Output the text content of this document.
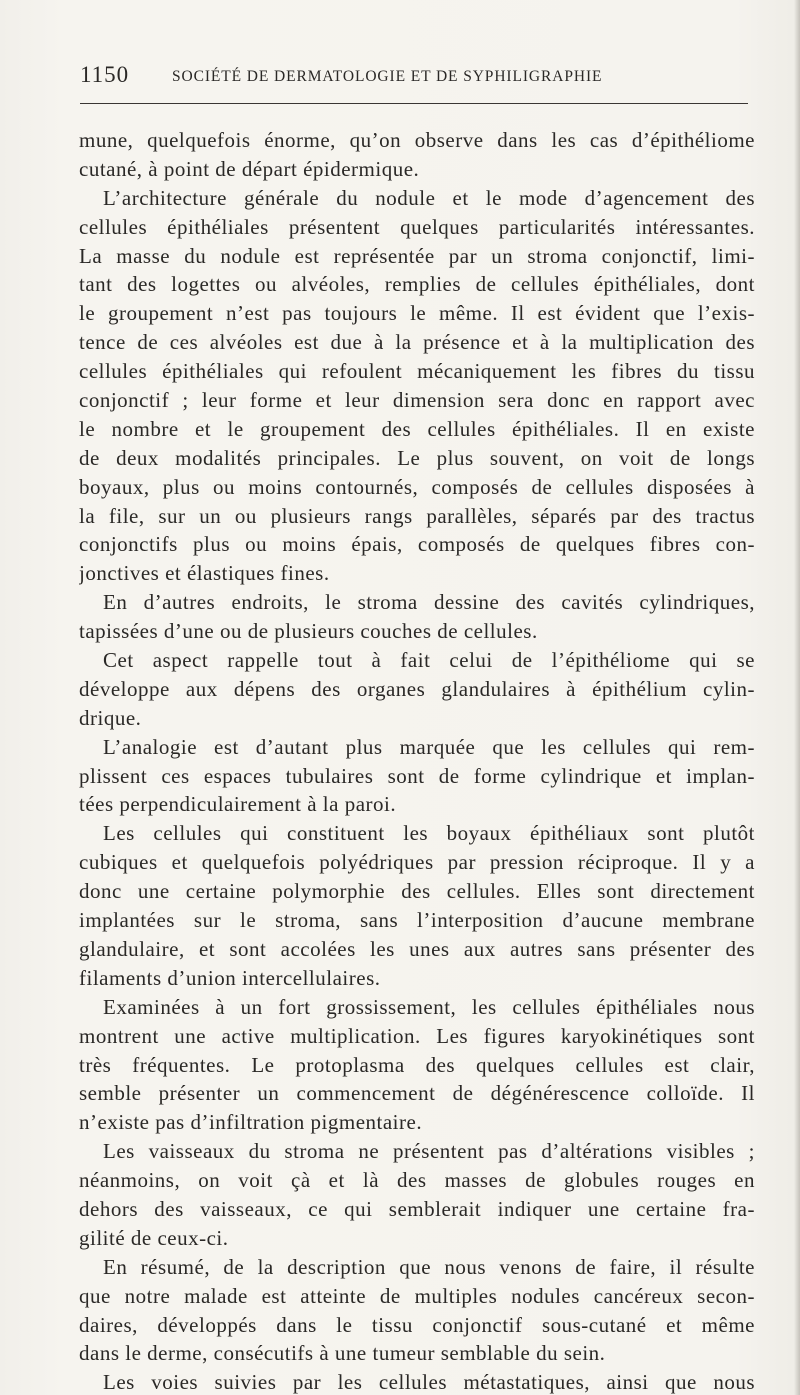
1150	SOCIÉTÉ DE DERMATOLOGIE ET DE SYPHILIGRAPHIE
mune, quelquefois énorme, qu’on observe dans les cas d’épithéliome
cutané, à point de départ épidermique.
L’architecture générale du nodule et le mode d’agencement des
cellules épithéliales présentent quelques particularités intéressantes.
La masse du nodule est représentée par un stroma conjonctif, limi-
tant des logettes ou alvéoles, remplies de cellules épithéliales, dont
le groupement n’est pas toujours le même. Il est évident que l’exis-
tence de ces alvéoles est due à la présence et à la multiplication des
cellules épithéliales qui refoulent mécaniquement les fibres du tissu
conjonctif ; leur forme et leur dimension sera donc en rapport avec
le nombre et le groupement des cellules épithéliales. Il en existe
de deux modalités principales. Le plus souvent, on voit de longs
boyaux, plus ou moins contournés, composés de cellules disposées à
la file, sur un ou plusieurs rangs parallèles, séparés par des tractus
conjonctifs plus ou moins épais, composés de quelques fibres con-
jonctives et élastiques fines.
En d’autres endroits, le stroma dessine des cavités cylindriques,
tapissées d’une ou de plusieurs couches de cellules.
Cet aspect rappelle tout à fait celui de l’épithéliome qui se
développe aux dépens des organes glandulaires à épithélium cylin-
drique.
L’analogie est d’autant plus marquée que les cellules qui rem-
plissent ces espaces tubulaires sont de forme cylindrique et implan-
tées perpendiculairement à la paroi.
Les cellules qui constituent les boyaux épithéliaux sont plutôt
cubiques et quelquefois polyédriques par pression réciproque. Il y a
donc une certaine polymorphie des cellules. Elles sont directement
implantées sur le stroma, sans l’interposition d’aucune membrane
glandulaire, et sont accolées les unes aux autres sans présenter des
filaments d’union intercellulaires.
Examinées à un fort grossissement, les cellules épithéliales nous
montrent une active multiplication. Les figures karyokinétiques sont
très fréquentes. Le protoplasma des quelques cellules est clair,
semble présenter un commencement de dégénérescence colloïde. Il
n’existe pas d’infiltration pigmentaire.
Les vaisseaux du stroma ne présentent pas d’altérations visibles ;
néanmoins, on voit çà et là des masses de globules rouges en
dehors des vaisseaux, ce qui semblerait indiquer une certaine fra-
gilité de ceux-ci.
En résumé, de la description que nous venons de faire, il résulte
que notre malade est atteinte de multiples nodules cancéreux secon-
daires, développés dans le tissu conjonctif sous-cutané et même
dans le derme, consécutifs à une tumeur semblable du sein.
Les voies suivies par les cellules métastatiques, ainsi que nous
